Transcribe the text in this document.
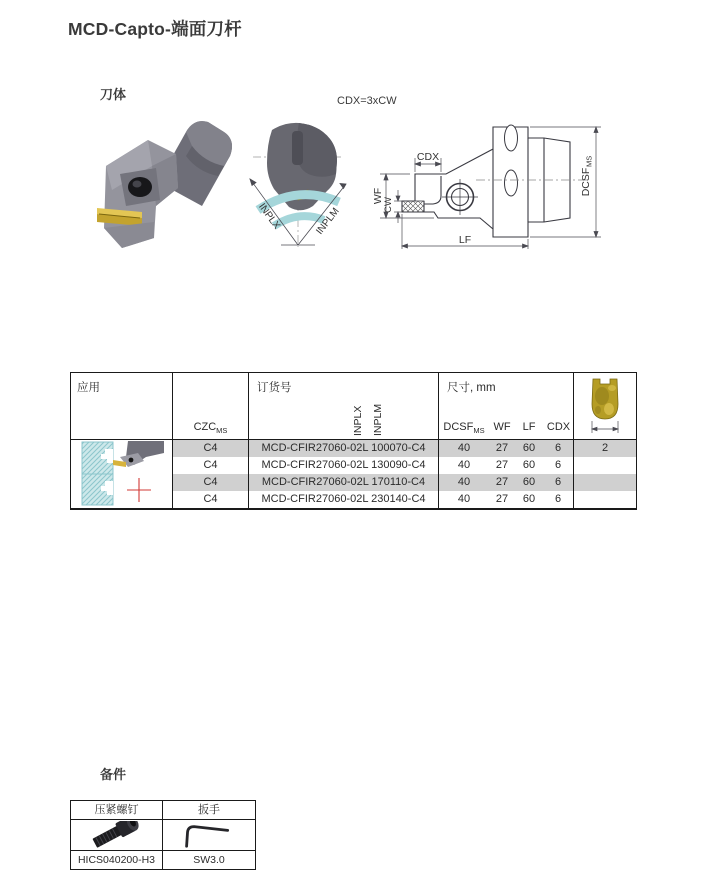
MCD-Capto-端面刀杆
刀体	CDX=3xCW
INPLX	INPLM
CDX
WF
CW
LF
DCSF
MS
应用
$CZC_{MS}$
订货号
INPLX INPLM
尺寸, mm
$DCSF_{MS}$ WF	LF	CDX
C4	MCD-CFIR27060-02L 100070-C4	40	27	60	6	2
C4	MCD-CFIR27060-02L 130090-C4	40	27	60	6
C4	MCD-CFIR27060-02L 170110-C4	40	27	60	6
C4	MCD-CFIR27060-02L 230140-C4	40	27	60	6
备件
压紧螺钉	扳手
HICS040200-H3	SW3.0
